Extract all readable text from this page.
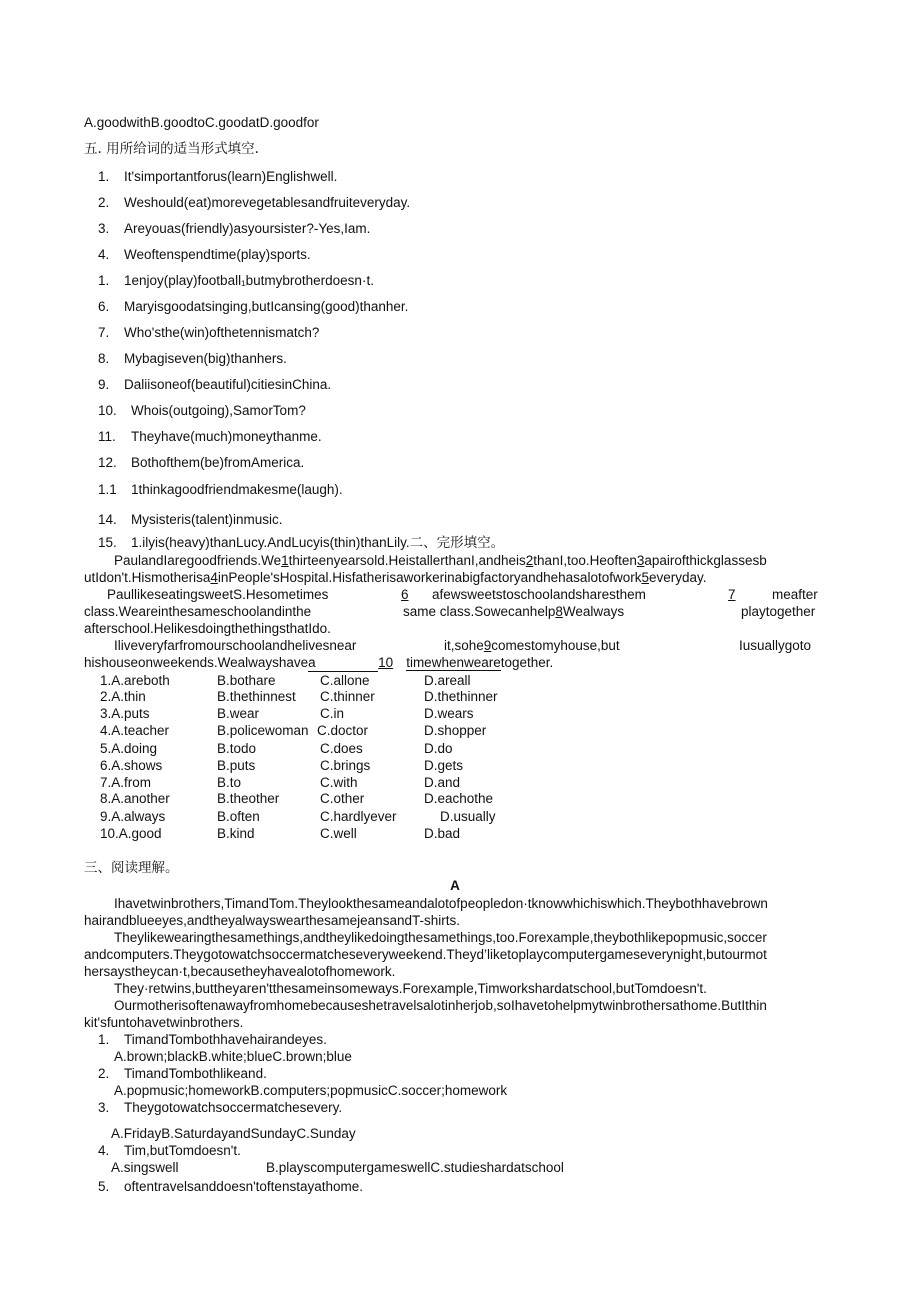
A.goodwithB.goodtoC.goodatD.goodfor
五. 用所给词的适当形式填空.
1. It'simportantforus(learn)Englishwell.
2. Weshould(eat)morevegetablesandfruiteveryday.
3. Areyouas(friendly)asyoursister?-Yes,Iam.
4. Weoftenspendtime(play)sports.
1. 1enjoy(play)football₁butmybrotherdoesn·t.
6. Maryisgoodatsinging,butIcansing(good)thanher.
7. Who'sthe(win)ofthetennismatch?
8. Mybagiseven(big)thanhers.
9. Daliisoneof(beautiful)citiesinChina.
10. Whois(outgoing),SamorTom?
11. Theyhave(much)moneythanme.
12. Bothofthem(be)fromAmerica.
1.1 1thinkagoodfriendmakesme(laugh).
14. Mysisteris(talent)inmusic.
15. 1.ilyis(heavy)thanLucy.AndLucyis(thin)thanLily.二、完形填空。
PaulandIaregoodfriends.We1thirteenyearsold.HeistallerthanI,andheis2thanI,too.Heoften3apairofthickglassesb
utIdon't.Hismotherisa4inPeople'sHospital.Hisfatherisaworkerinabigfactoryandhehasalotofwork5everyday.
PaullikeseatingsweetS.Hesometimes	6 afewsweetstoschoolandsharesthem	7	meafter
class.Weareinthesameschoolandinthe	same class.Sowecanhelp8Wealways	playtogether
afterschool.HelikesdoingthethingsthatIdo.
Iliveveryfarfromourschoolandhelivesnear	it,sohe9comestomyhouse,but	Iusuallygoto
hishouseonweekends.Wealwayshavea	10 timewhenwearetogether.
1.A.areboth	B.bothare	C.allone	D.areall
2.A.thin	B.thethinnest C.thinner	D.thethinner
3.A.puts	B.wear	C.in	D.wears
4.A.teacher	B.policewoman C.doctor	D.shopper
5.A.doing	B.todo	C.does	D.do
6.A.shows	B.puts	C.brings	D.gets
7.A.from	B.to	C.with	D.and
8.A.another	B.theother	C.other	D.eachothe
9.A.always	B.often	C.hardlyever	D.usually
10.A.good	B.kind	C.well	D.bad
三、阅读理解。
A
Ihavetwinbrothers,TimandTom.Theylookthesameandalotofpeopledon·tknowwhichiswhich.Theybothhavebrown
hairandblueeyes,andtheyalwayswearthesamejeansandT-shirts.
Theylikewearingthesamethings,andtheylikedoingthesamethings,too.Forexample,theybothlikepopmusic,soccer
andcomputers.Theygotowatchsoccermatcheseveryweekend.Theyd’liketoplaycomputergameseverynight,butourmot
hersaystheycan·t,becausetheyhavealotofhomework.
They·retwins,buttheyaren'tthesameinsomeways.Forexample,Timworkshardatschool,butTomdoesn't.
Ourmotherisoftenawayfromhomebecauseshetravelsalotinherjob,soIhavetohelpmytwinbrothersathome.ButIthin
kit'sfuntohavetwinbrothers.
1. TimandTombothhavehairandeyes.
A.brown;blackB.white;blueC.brown;blue
2. TimandTombothlikeand.
A.popmusic;homeworkB.computers;popmusicC.soccer;homework
3. Theygotowatchsoccermatchesevery.
A.FridayB.SaturdayandSundayC.Sunday
4. Tim,butTomdoesn't.
A.singswell	B.playscomputergameswellC.studieshardatschool
5. oftentravelsanddoesn'toftenstayathome.
